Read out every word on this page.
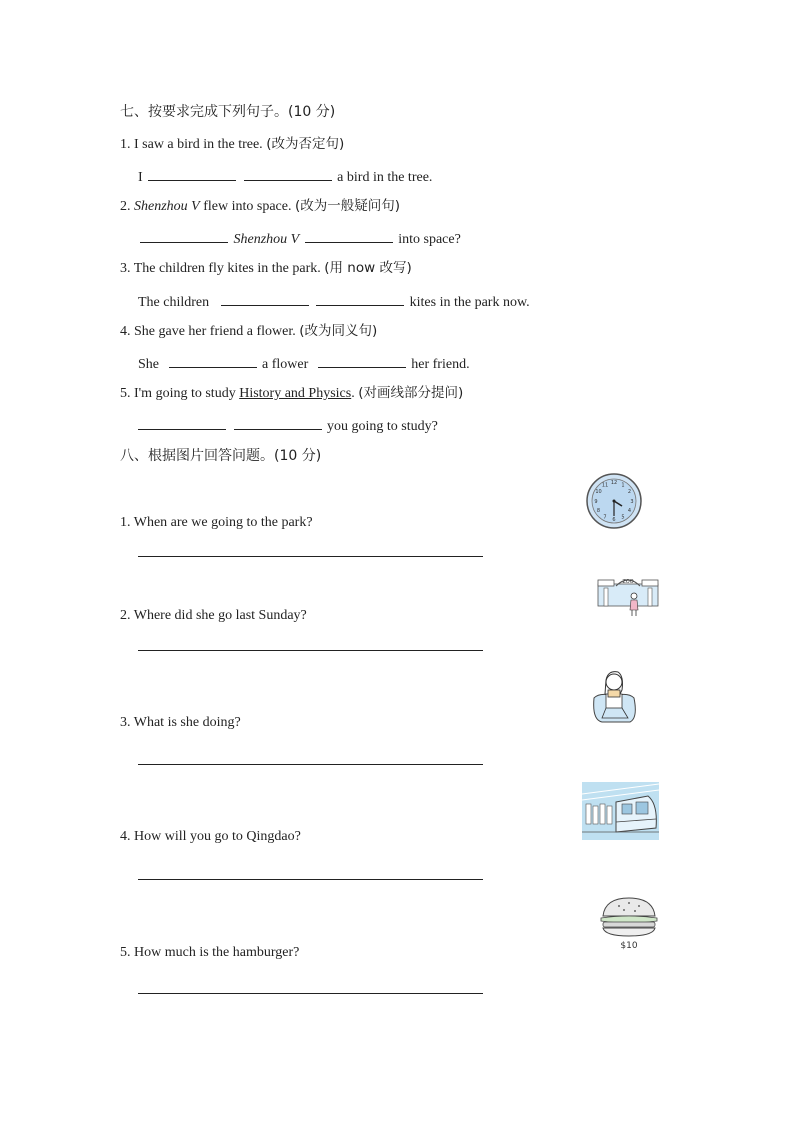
七、按要求完成下列句子。(10 分)
1. I saw a bird in the tree. (改为否定句)
I	a bird in the tree.
2. Shenzhou V flew into space. (改为一般疑问句)
Shenzhou V	into space?
3. The children fly kites in the park. (用 now 改写)
The children	kites in the park now.
4. She gave her friend a flower. (改为同义句)
She	a flower	her friend.
5. I'm going to study History and Physics. (对画线部分提问)
you going to study?
八、根据图片回答问题。(10 分)
1. When are we going to the park?
2. Where did she go last Sunday?
3. What is she doing?
4. How will you go to Qingdao?
5. How much is the hamburger?
12 1
2
3
4
5
6
7
8
9
10
11
ZOO
$10
